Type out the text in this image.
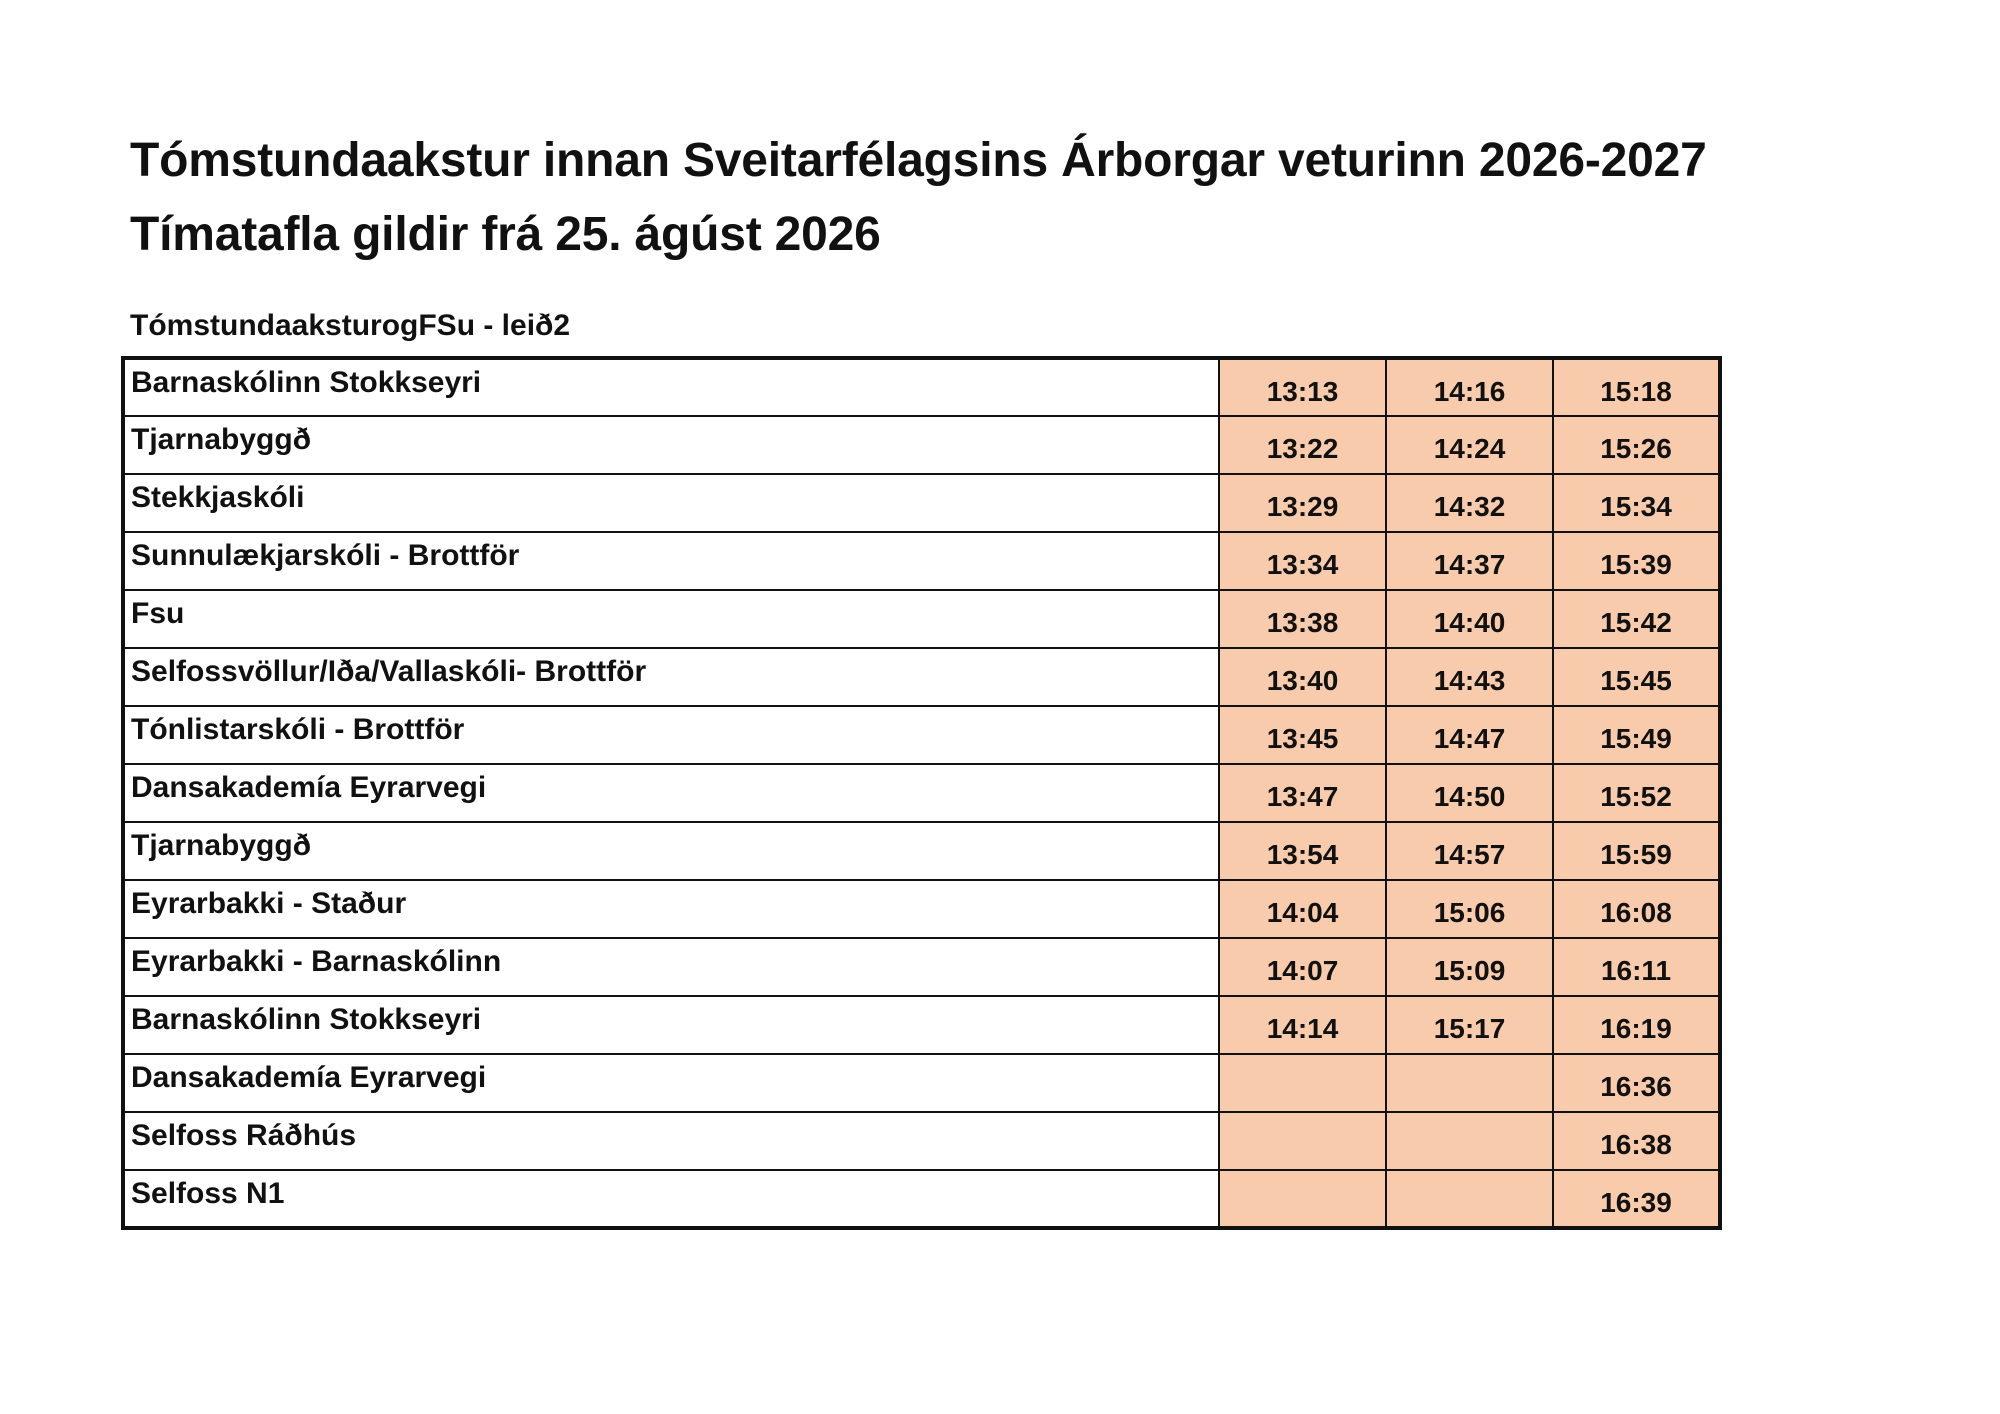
Tómstundaakstur innan Sveitarfélagsins Árborgar veturinn 2026-2027
Tímatafla gildir frá 25. ágúst 2026
TómstundaaksturogFSu - leið2
Barnaskólinn Stokkseyri	13:13	14:16	15:18
Tjarnabyggð	13:22	14:24	15:26
Stekkjaskóli	13:29	14:32	15:34
Sunnulækjarskóli - Brottför	13:34	14:37	15:39
Fsu	13:38	14:40	15:42
Selfossvöllur/Iða/Vallaskóli- Brottför	13:40	14:43	15:45
Tónlistarskóli - Brottför	13:45	14:47	15:49
Dansakademía Eyrarvegi	13:47	14:50	15:52
Tjarnabyggð	13:54	14:57	15:59
Eyrarbakki - Staður	14:04	15:06	16:08
Eyrarbakki - Barnaskólinn	14:07	15:09	16:11
Barnaskólinn Stokkseyri	14:14	15:17	16:19
Dansakademía Eyrarvegi			16:36
Selfoss Ráðhús			16:38
Selfoss N1			16:39
